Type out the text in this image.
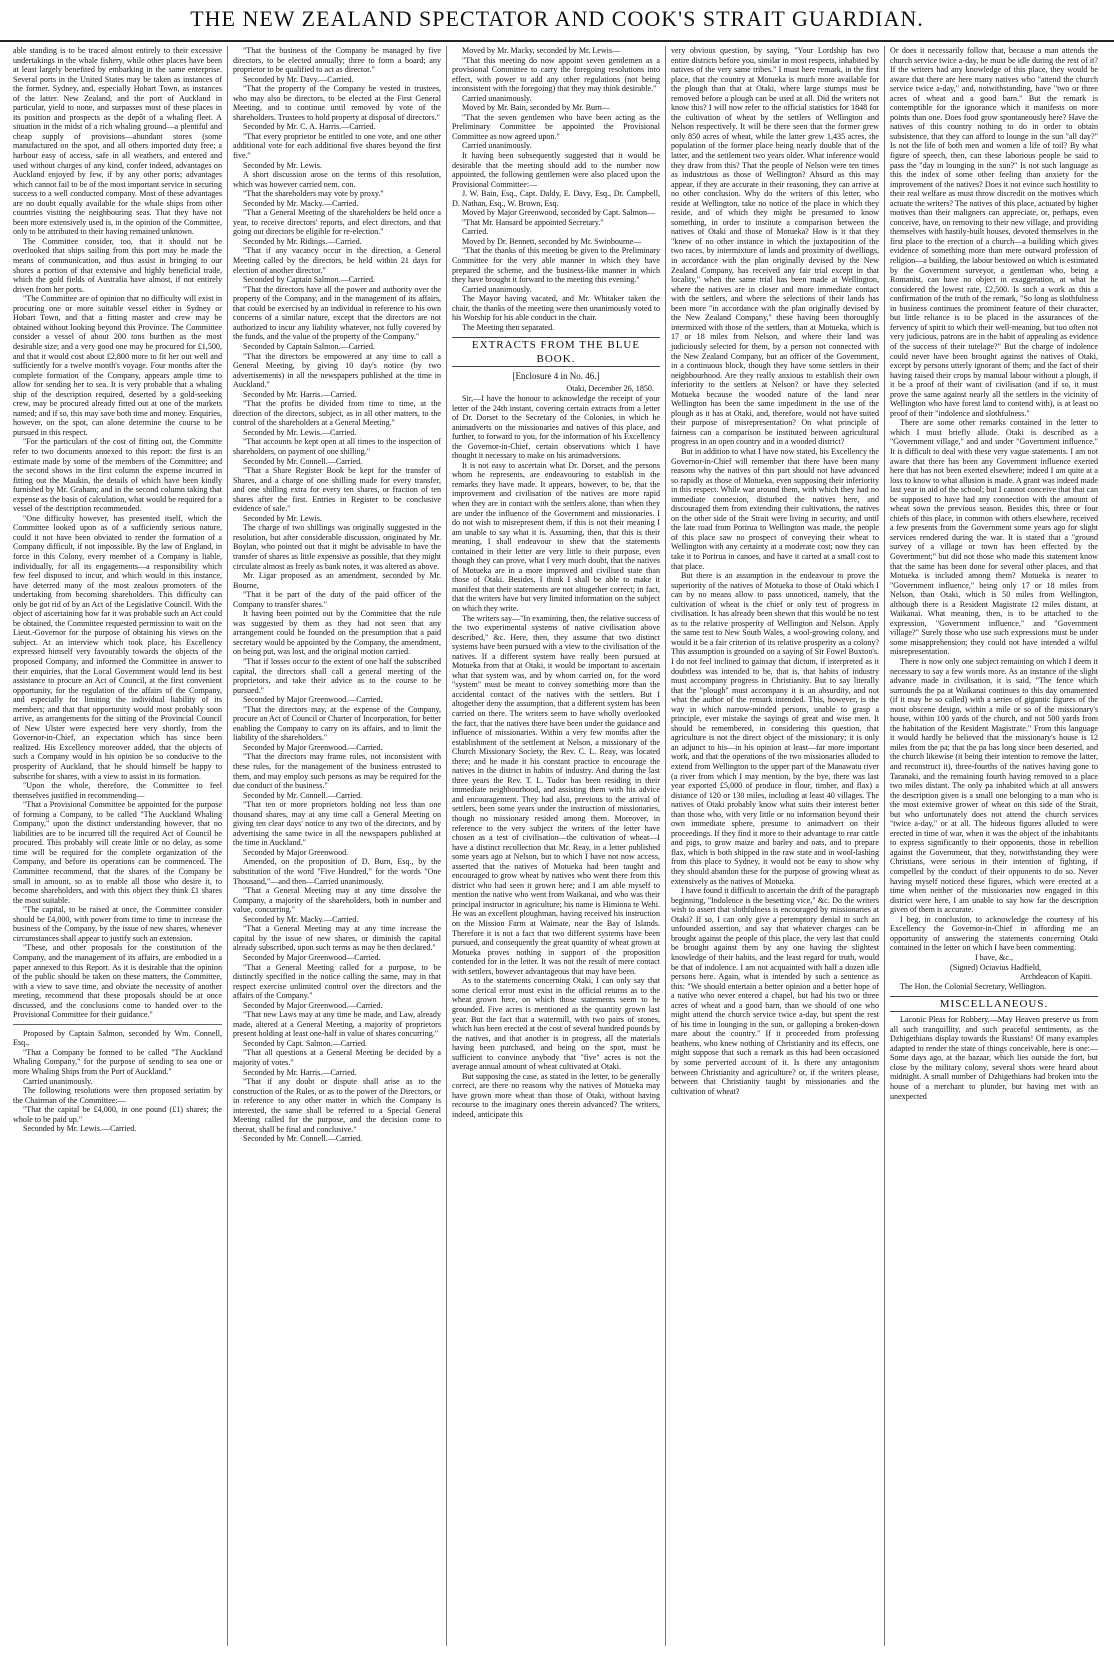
THE NEW ZEALAND SPECTATOR AND COOK'S STRAIT GUARDIAN.

able standing is to be traced almost entirely to their excessive undertakings in the whale fishery, while other places have been at least largely benefited by embarking in the same enterprise. Several ports in the United States may be taken as instances of the former. Sydney, and, especially Hobart Town, as instances of the latter. New Zealand, and the port of Auckland in particular, yield to none, and surpasses most of these places in its position and prospects as the depôt of a whaling fleet. A situation in the midst of a rich whaling ground—a plentiful and cheap supply of provisions—abundant stores (some manufactured on the spot, and all others imported duty free; a harbour easy of access, safe in all weathers, and entered and used without charges of any kind, confer indeed, advantages on Auckland enjoyed by few, if by any other ports; advantages which cannot fail to be of the most important service in securing success to a well conducted company. Most of these advantages are no doubt equally available for the whale ships from other countries visiting the neighbouring seas. That they have not been more extensively used is, in the opinion of the Committee, only to be attributed to their having remained unknown.

The Committee consider, too, that it should not be overlooked that ships sailing from this port may be made the means of communication, and thus assist in bringing to our shores a portion of that extensive and highly beneficial trade, which the gold fields of Australia have almost, if not entirely driven from her ports.

"The Committee are of opinion that no difficulty will exist in procuring one or more suitable vessel either in Sydney or Hobart Town, and that a fitting master and crew may be obtained without looking beyond this Province. The Committee consider a vessel of about 200 tons burthen as the most desirable size; and a very good one may be procured for £1,500, and that it would cost about £2,800 more to fit her out well and sufficiently for a twelve month's voyage. Four months after the complete formation of the Company, appears ample time to allow for sending her to sea. It is very probable that a whaling ship of the description required, deserted by a gold-seeking crew, may be procured already fitted out at one of the markets named; and if so, this may save both time and money. Enquiries, however, on the spot, can alone determine the course to be pursued in this respect.

"For the particulars of the cost of fitting out, the Committe refer to two documents annexed to this report: the first is an estimate made by some of the members of the Committee; and the second shows in the first column the expense incurred in fitting out the Maukin, the details of which have been kindly furnished by Mr. Graham; and in the second column taking that expense as the basis of calculation, what would be required for a vessel of the description recommended.

"One difficulty however, has presented itself, which the Committee looked upon as of a sufficiently serious nature, could it not have been obviated to render the formation of a Company difficult, if not impossible. By the law of England, in force in this Colony, every member of a Company is liable, individually, for all its engagements—a responsibility which few feel disposed to incur, and which would in this instance, have deterred many of the most zealous promoters of the undertaking from becoming shareholders. This difficulty can only be got rid of by an Act of the Legislative Council. With the object of ascertaining how far it was probable such an Act could be obtained, the Committee requested permission to wait on the Lieut.-Governor for the purpose of obtaining his views on the subject. At an interview which took place, his Excellency expressed himself very favourably towards the objects of the proposed Company, and informed the Committee in answer to their enquiries, that the Local Government would lend its best assistance to procure an Act of Council, at the first convenient opportunity, for the regulation of the affairs of the Company, and especially for limiting the individual liability of its members; and that that opportunity would most probably soon arrive, as arrangements for the sitting of the Provincial Council of New Ulster were expected here very shortly, from the Governor-in-Chief, an expectation which has since been realized. His Excellency moreover added, that the objects of such a Company would in his opinion be so conducive to the prosperity of Auckland, that he should himself be happy to subscribe for shares, with a view to assist in its formation.

"Upon the whole, therefore, the Committee to feel themselves justified in recommending—

"That a Provisional Committee be appointed for the purpose of forming a Company, to be called "The Auckland Whaling Company," upon the distinct understanding however, that no liabilities are to be incurred till the required Act of Council be procured. This probably will create little or no delay, as some time will be required for the complete organization of the Company, and before its operations can be commenced. The Committee recommend, that the shares of the Company be small in amount, so as to enable all those who desire it, to become shareholders, and with this object they think £1 shares the most suitable.

"The capital, to be raised at once, the Committee consider should be £4,000, with power from time to time to increase the business of the Company, by the issue of new shares, whenever circumstances shall appear to justify such an extension.

"These, and other proposals for the constitution of the Company, and the management of its affairs, are embodied in a paper annexed to this Report. As it is desirable that the opinion of the public should be taken on these matters, the Committee, with a view to save time, and obviate the necessity of another meeting, recommend that these proposals should be at once discussed, and the conclusions come to handed over to the Provisional Committee for their guidance."

Proposed by Captain Salmon, seconded by Wm. Connell, Esq.,

"That a Company be formed to be called "The Auckland Whaling Company," for the purpose of sending to sea one or more Whaling Ships from the Port of Auckland."

Carried unanimously.

The following resolutions were then proposed seriatim by the Chairman of the Committee:—

"That the capital be £4,000, in one pound (£1) shares; the whole to be paid up."

Seconded by Mr. Lewis.—Carried.

"That the business of the Company be managed by five directors, to be elected annually; three to form a board; any proprietor to be qualified to act as director."

Seconded by Mr. Davy.—Carried.

"That the property of the Company be vested in trustees, who may also be directors, to be elected at the First General Meeting, and to continue until removed by vote of the shareholders. Trustees to hold property at disposal of directors."

Seconded by Mr. C. A. Harris.—Carried.

"That every proprietor be entitled to one vote, and one other additional vote for each additional five shares beyond the first five."

Seconded by Mr. Lewis.

A short discussion arose on the terms of this resolution, which was however carried nem. con.

"That the shareholders may vote by proxy."

Seconded by Mr. Macky.—Carried.

"That a General Meeting of the shareholders be held once a year, to receive directors' reports, and elect directors, and that going out directors be eligible for re-election."

Seconded by Mr. Ridings.—Carried.

"That if any vacancy occur in the direction, a General Meeting called by the directors, be held within 21 days for election of another director."

Seconded by Captain Salmon.—Carried.

"That the directors have all the power and authority over the property of the Company, and in the management of its affairs, that could be exercised by an individual in reference to his own concerns of a similar nature, except that the directors are not authorized to incur any liability whatever, not fully covered by the funds, and the value of the property of the Company."

Seconded by Captain Salmon.—Carried.

"That the directors be empowered at any time to call a General Meeting, by giving 10 day's notice (by two advertisements) in all the newspapers published at the time in Auckland."

Seconded by Mr. Harris.—Carried.

"That the profits be divided from time to time, at the direction of the directors, subject, as in all other matters, to the control of the shareholders at a General Meeting."

Seconded by Mr. Lewis.—Carried.

"That accounts be kept open at all times to the inspection of shareholders, on payment of one shilling."

Seconded by Mr. Connell.—Carried.

"That a Share Register Book be kept for the transfer of Shares, and a charge of one shilling made for every transfer, and one shilling extra for every ten shares, or fraction of ten shares after the first. Entries in Register to be conclusive evidence of sale."

Seconded by Mr. Lewis.

The charge of two shillings was originally suggested in the resolution, but after considerable discussion, originated by Mr. Boylan, who pointed out that it might be advisable to have the transfer of shares as little expensive as possible, that they might circulate almost as freely as bank notes, it was altered as above.

Mr. Ligar proposed as an amendment, seconded by Mr. Bourne,

"That it be part of the duty of the paid officer of the Company to transfer shares."

It having been pointed out by the Committee that the rule was suggested by them as they had not seen that any arrangement could be founded on the presumption that a paid secretary would be appointed by the Company, the amendment, on being put, was lost, and the original motion carried.

"That if losses occur to the extent of one half the subscribed capital, the directors shall call a general meeting of the proprietors, and take their advice as to the course to be pursued."

Seconded by Major Greenwood.—Carried.

"That the directors may, at the expense of the Company, procure an Act of Council or Charter of Incorporation, for better enabling the Company to carry on its affairs, and to limit the liability of the shareholders."

Seconded by Major Greenwood.—Carried.

"That the directors may frame rules, not inconsistent with these rules, for the management of the business entrusted to them, and may employ such persons as may be required for the due conduct of the business."

Seconded by Mr. Connell.—Carried.

"That ten or more proprietors holding not less than one thousand shares, may at any time call a General Meeting on giving ten clear days' notice to any two of the directors, and by advertising the same twice in all the newspapers published at the time in Auckland."

Seconded by Major Greenwood.

Amended, on the proposition of D. Burn, Esq., by the substitution of the word "Five Hundred," for the words "One Thousand,"—and then—Carried unanimously.

"That a General Meeting may at any time dissolve the Company, a majority of the shareholders, both in number and value, concurring."

Seconded by Mr. Macky.—Carried.

"That a General Meeting may at any time increase the capital by the issue of new shares, or diminish the capital already subscribed, upon such terms as may be then declared."

Seconded by Major Greenwood—Carried.

"That a General Meeting called for a purpose, to be distinctly specified in the notice calling the same, may in that respect exercise unlimited control over the directors and the affairs of the Company."

Seconded by Major Greenwood.—Carried.

"That new Laws may at any time be made, and Law, already made, altered at a General Meeting, a majority of proprietors present holding at least one-half in value of shares concurring."

Seconded by Capt. Salmon.—Carried.

"That all questions at a General Meeting be decided by a majority of votes."

Seconded by Mr. Harris.—Carried.

"That if any doubt or dispute shall arise as to the construction of the Rules, or as to the power of the Directors, or in reference to any other matter in which the Company is interested, the same shall be referred to a Special General Meeting called for the purpose, and the decision come to thereat, shall be final and conclusive."

Seconded by Mr. Connell.—Carried.

Moved by Mr. Macky, seconded by Mr. Lewis—

"That this meeting do now appoint seven gentlemen as a provisional Committee to carry the foregoing resolutions into effect, with power to add any other regulations (not being inconsistent with the foregoing) that they may think desirable."

Carried unanimously.

Moved by Mr. Bain, seconded by Mr. Burn—

"That the seven gentlemen who have been acting as the Preliminary Committee be appointed the Provisional Committee as now agreed upon."

Carried unanimously.

It having been subsequently suggested that it would be desirable that the meeting should add to the number now appointed, the following gentlemen were also placed upon the Provisional Committee:—

J. W. Bain, Esq., Capt. Daldy, E. Davy, Esq., Dr. Campbell, D. Nathan, Esq., W. Brown, Esq.

Moved by Major Greenwood, seconded by Capt. Salmon—

"That Mr. Hansard be appointed Secretary."

Carried.

Moved by Dr. Bennett, seconded by Mr. Swinbourne—

"That the thanks of this meeting be given to the Preliminary Committee for the very able manner in which they have prepared the scheme, and the business-like manner in which they have brought it forward to the meeting this evening."

Carried unanimously.

The Mayor having vacated, and Mr. Whitaker taken the chair, the thanks of the meeting were then unanimously voted to his Worship for his able conduct in the chair.

The Meeting then separated.

EXTRACTS FROM THE BLUE BOOK.
[Enclosure 4 in No. 46.]

Otaki, December 26, 1850.

Sir,—I have the honour to acknowledge the receipt of your letter of the 24th instant, covering certain extracts from a letter of Dr. Dorset to the Secretary of the Colonies, in which he animadverts on the missionaries and natives of this place, and further, to forward to you, for the information of his Excellency the Governor-in-Chief, certain observations which I have thought it necessary to make on his animadversions.

It is not easy to ascertain what Dr. Dorset, and the persons whom he represents, are endeavouring to establish in the remarks they have made. It appears, however, to be, that the improvement and civilisation of the natives are more rapid when they are in contact with the settlers alone, than when they are under the influence of the Government and missionaries. I do not wish to misrepresent them, if this is not their meaning I am unable to say what it is. Assuming, then, that this is their meaning, I shall endeavour to shew that the statements contained in their letter are very little to their purpose, even though they can prove, what I very much doubt, that the natives of Motueka are in a more improved and civilised state than those of Otaki. Besides, I think I shall be able to make it manifest that their statements are not altogether correct; in fact, that the writers have but very limited information on the subject on which they write.

The writers say—"In examining, then, the relative success of the two experimental systems of native civilisation above described," &c. Here, then, they assume that two distinct systems have been pursued with a view to the civilisation of the natives. If a different system have really been pursued at Motueka from that at Otaki, it would be important to ascertain what that system was, and by whom carried on, for the word "system" must be meant to convey something more than the accidental contact of the natives with the settlers. But I altogether deny the assumption, that a different system has been carried on there. The writers seem to have wholly overlooked the fact, that the natives there have been under the guidance and influence of missionaries. Within a very few months after the establishment of the settlement at Nelson, a missionary of the Church Missionary Society, the Rev. C. L. Reay, was located there; and he made it his constant practice to encourage the natives in the district in habits of industry. And during the last three years the Rev. T. L. Tudor has been residing in their immediate neighbourhood, and assisting them with his advice and encouragement. They had also, previous to the arrival of settlers, been some years under the instruction of missionaries, though no missionary resided among them. Moreover, in reference to the very subject the writers of the letter have chosen as a test of civilisation—the cultivation of wheat—I have a distinct recollection that Mr. Reay, in a letter published some years ago at Nelson, but to which I have not now access, asserted that the natives of Motueka had been taught and encouraged to grow wheat by natives who went there from this district who had seen it grown here; and I am able myself to mention the native who went from Waikanai, and who was their principal instructor in agriculture; his name is Himiona te Wehi. He was an excellent ploughman, having received his instruction on the Mission Farm at Waimate, near the Bay of Islands. Therefore it is not a fact that two different systems have been pursued, and consequently the great quantity of wheat grown at Motueka proves nothing in support of the proposition contended for in the letter. It was not the result of mere contact with settlers, however advantageous that may have been.

As to the statements concerning Otaki, I can only say that some clerical error must exist in the official returns as to the wheat grown here, on which those statements seem to be grounded. Five acres is mentioned as the quantity grown last year. But the fact that a watermill, with two pairs of stones, which has been erected at the cost of several hundred pounds by the natives, and that another is in progress, all the materials having been purchased, and being on the spot, must be sufficient to convince anybody that "five" acres is not the average annual amount of wheat cultivated at Otaki.

But supposing the case, as stated in the letter, to be generally correct, are there no reasons why the natives of Motueka may have grown more wheat than those of Otaki, without having recourse to the imaginary ones therein advanced? The writers, indeed, anticipate this

very obvious question, by saying, "Your Lordship has two entire districts before you, similar in most respects, inhabited by natives of the very same tribes." I must here remark, in the first place, that the country at Motueka is much more available for the plough than that at Otaki, where large stumps must be removed before a plough can be used at all. Did the writers not know this? I will now refer to the official statistics for 1848 for the cultivation of wheat by the settlers of Wellington and Nelson respectively. It will be there seen that the former grew only 850 acres of wheat, while the latter grew 1,435 acres, the population of the former place being nearly double that of the latter, and the settlement two years older. What inference would they draw from this? That the people of Nelson were ten times as industrious as those of Wellington? Absurd as this may appear, if they are accurate in their reasoning, they can arrive at no other conclusion. Why do the writers of this letter, who reside at Wellington, take no notice of the place in which they reside, and of which they might be presumed to know something, in order to institute a comparison between the natives of Otaki and those of Motueka? How is it that they "knew of no other instance in which the juxtaposition of the two races, by intermixture of lands and proximity of dwellings, in accordance with the plan originally devised by the New Zealand Company, has received any fair trial except in that locality," when the same trial has been made at Wellington, where the natives are in closer and more immediate contact with the settlers, and where the selections of their lands has been more "in accordance with the plan originally devised by the New Zealand Company," these having been thoroughly intermixed with those of the settlers, than at Motueka, which is 17 or 18 miles from Nelson, and where their land was judiciously selected for them, by a person not connected with the New Zealand Company, but an officer of the Government, in a continuous block, though they have some settlers in their neighbourhood. Are they really anxious to establish their own inferiority to the settlers at Nelson? or have they selected Motueka because the wooded nature of the land near Wellington has been the same impediment in the use of the plough as it has at Otaki, and, therefore, would not have suited their purpose of misrepresentation? On what principle of fairness can a comparison be instituted between agricultural progress in an open country and in a wooded district?

But in addition to what I have now stated, his Excellency the Governor-in-Chief will remember that there have been many reasons why the natives of this part should not have advanced so rapidly as those of Motueka, even supposing their inferiority in this respect. While war around them, with which they had no immediate connexion, disturbed the natives here, and discouraged them from extending their cultivations, the natives on the other side of the Strait were living in security, and until the late road from Porirua to Wellington was made, the people of this place saw no prospect of conveying their wheat to Wellington with any certainty at a moderate cost; now they can take it to Porirua in canoes, and have it carted at a small cost to that place.

But there is an assumption in the endeavour to prove the superiority of the natives of Motueka to those of Otaki which I can by no means allow to pass unnoticed, namely, that the cultivation of wheat is the chief or only test of progress in civilisation. It has already been shewn that this would be no test as to the relative prosperity of Wellington and Nelson. Apply the same test to New South Wales, a wool-growing colony, and would it be a fair criterion of its relative prosperity as a colony? This assumption is grounded on a saying of Sir Fowel Buxton's. I do not feel inclined to gainsay that dictum, if interpreted as it doubtless was intended to be, that is, that habits of industry must accompany progress in Christianity. But to say literally that the "plough" must accompany it is an absurdity, and not what the author of the remark intended. This, however, is the way in which narrow-minded persons, unable to grasp a principle, ever mistake the sayings of great and wise men. It should be remembered, in considering this question, that agriculture is not the direct object of the missionary; it is only an adjunct to his—in his opinion at least—far more important work, and that the operations of the two missionaries alluded to extend from Wellington to the upper part of the Manawatu river (a river from which I may mention, by the bye, there was last year exported £5,000 of produce in flour, timber, and flax) a distance of 120 or 130 miles, including at least 40 villages. The natives of Otaki probably know what suits their interest better than those who, with very little or no information beyond their own immediate sphere, presume to animadvert on their proceedings. If they find it more to their advantage to rear cattle and pigs, to grow maize and barley and oats, and to prepare flax, which is both shipped in the raw state and in wool-lashing from this place to Sydney, it would not be easy to show why they should abandon these for the purpose of growing wheat as extensively as the natives of Motueka.

I have found it difficult to ascertain the drift of the paragraph beginning, "Indolence is the besetting vice," &c. Do the writers wish to assert that slothfulness is encouraged by missionaries at Otaki? If so, I can only give a peremptory denial to such an unfounded assertion, and say that whatever charges can be brought against the people of this place, the very last that could be brought against them by any one having the slightest knowledge of their habits, and the least regard for truth, would be that of indolence. I am not acquainted with half a dozen idle persons here. Again, what is intended by such a sentence as this: "We should entertain a better opinion and a better hope of a native who never entered a chapel, but had his two or three acres of wheat and a good barn, than we should of one who might attend the church service twice a-day, but spent the rest of his time in lounging in the sun, or galloping a broken-down mare about the country." If it proceeded from professing heathens, who knew nothing of Christianity and its effects, one might suppose that such a remark as this had been occasioned by some perverted account of it. Is there any antagonism between Christianity and agriculture? or, if the writers please, between that Christianity taught by missionaries and the cultivation of wheat?

Or does it necessarily follow that, because a man attends the church service twice a-day, he must be idle during the rest of it? If the writers had any knowledge of this place, they would be aware that there are here many natives who "attend the church service twice a-day," and, notwithstanding, have "two or three acres of wheat and a good barn." But the remark is contemptible for the ignorance which it manifests on more points than one. Does food grow spontaneously here? Have the natives of this country nothing to do in order to obtain subsistence, that they can afford to lounge in the sun "all day?" Is not the life of both men and women a life of toil? By what figure of speech, then, can these laborious people be said to pass the "day in lounging in the sun?" Is not such language as this the index of some other feeling than anxiety for the improvement of the natives? Does it not evince such hostility to their real welfare as must throw discredit on the motives which actuate the writers? The natives of this place, actuated by higher motives than their maligners can appreciate, or, perhaps, even conceive, have, on removing to their new village, and providing themselves with hastily-built houses, devoted themselves in the first place to the erection of a church—a building which gives evidence of something more than mere outward profession of religion—a building, the labour bestowed on which is estimated by the Government surveyor, a gentleman who, being a Romanist, can have no object in exaggeration, at what he considered the lowest rate, £2,500. Is such a work as this a confirmation of the truth of the remark, "So long as slothfulness in business continues the prominent feature of their character, but little reliance is to be placed in the assurances of the fervency of spirit to which their well-meaning, but too often not very judicious, patrons are in the habit of appealing as evidence of the success of their tutelage?" But the charge of indolence could never have been brought against the natives of Otaki, except by persons utterly ignorant of them; and the fact of their having raised their crops by manual labour without a plough, if it be a proof of their want of civilisation (and if so, it must prove the same against nearly all the settlers in the vicinity of Wellington who have forest land to contend with), is at least no proof of their "indolence and slothfulness."

There are some other remarks contained in the letter to which I must briefly allude. Otaki is described as a "Government village," and and under "Government influence." It is difficult to deal with these very vague statements. I am not aware that there has been any Government influence exerted here that has not been exerted elsewhere; indeed I am quite at a loss to know to what allusion is made. A grant was indeed made last year in aid of the school; but I cannot conceive that that can be supposed to have had any connection with the amount of wheat sown the previous season. Besides this, three or four chiefs of this place, in common with others elsewhere, received a few presents from the Government some years ago for slight services rendered during the war. It is stated that a "ground survey of a village or town has been effected by the Government;" but did not those who made this statement know that the same has been done for several other places, and that Motueka is included among them? Motueka is nearer to "Government influence," being only 17 or 18 miles from Nelson, than Otaki, which is 50 miles from Wellington, although there is a Resident Magistrate 12 miles distant, at Waikanai. What meaning, then, is to be attached to the expression, "Government influence," and "Government village?" Surely those who use such expressions must be under some misapprehension; they could not have intended a wilful misrepresentation.

There is now only one subject remaining on which I deem it necessary to say a few words more. As an instance of the slight advance made in civilisation, it is said, "The fence which surrounds the pa at Waikanai continues to this day ornamented (if it may be so called) with a series of gigantic figures of the most obscene design, within a mile or so of the missionary's house, within 100 yards of the church, and not 500 yards from the habitation of the Resident Magistrate." From this language it would hardly be believed that the missionary's house is 12 miles from the pa; that the pa has long since been deserted, and the church likewise (it being their intention to remove the latter, and reconstruct it), three-fourths of the natives having gone to Taranaki, and the remaining fourth having removed to a place two miles distant. The only pa inhabited which at all answers the description given is a small one belonging to a man who is the most extensive grower of wheat on this side of the Strait, but who unfortunately does not attend the church services "twice a-day," or at all. The hideous figures alluded to were erected in time of war, when it was the object of the inhabitants to express significantly to their opponents, those in rebellion against the Government, that they, notwithstanding they were Christians, were serious in their intention of fighting, if compelled by the conduct of their opponents to do so. Never having myself noticed these figures, which were erected at a time when neither of the missionaries now engaged in this district were here, I am unable to say how far the description given of them is accurate.

I beg, in conclusion, to acknowledge the courtesy of his Excellency the Governor-in-Chief in affording me an opportunity of answering the statements concerning Otaki contained in the letter on which I have been commenting.

I have, &c.,

(Signed) Octavius Hadfield,

Archdeacon of Kapiti.

The Hon. the Colonial Secretary, Wellington.

MISCELLANEOUS.

Laconic Pleas for Robbery.—May Heaven preserve us from all such tranquillity, and such peaceful sentiments, as the Dzhigethians display towards the Russians! Of many examples adapted to render the state of things conceivable, here is one:—Some days ago, at the bazaar, which lies outside the fort, but close by the military colony, several shots were heard about midnight. A small number of Dzhigethians had broken into the house of a merchant to plunder, but having met with an unexpected
